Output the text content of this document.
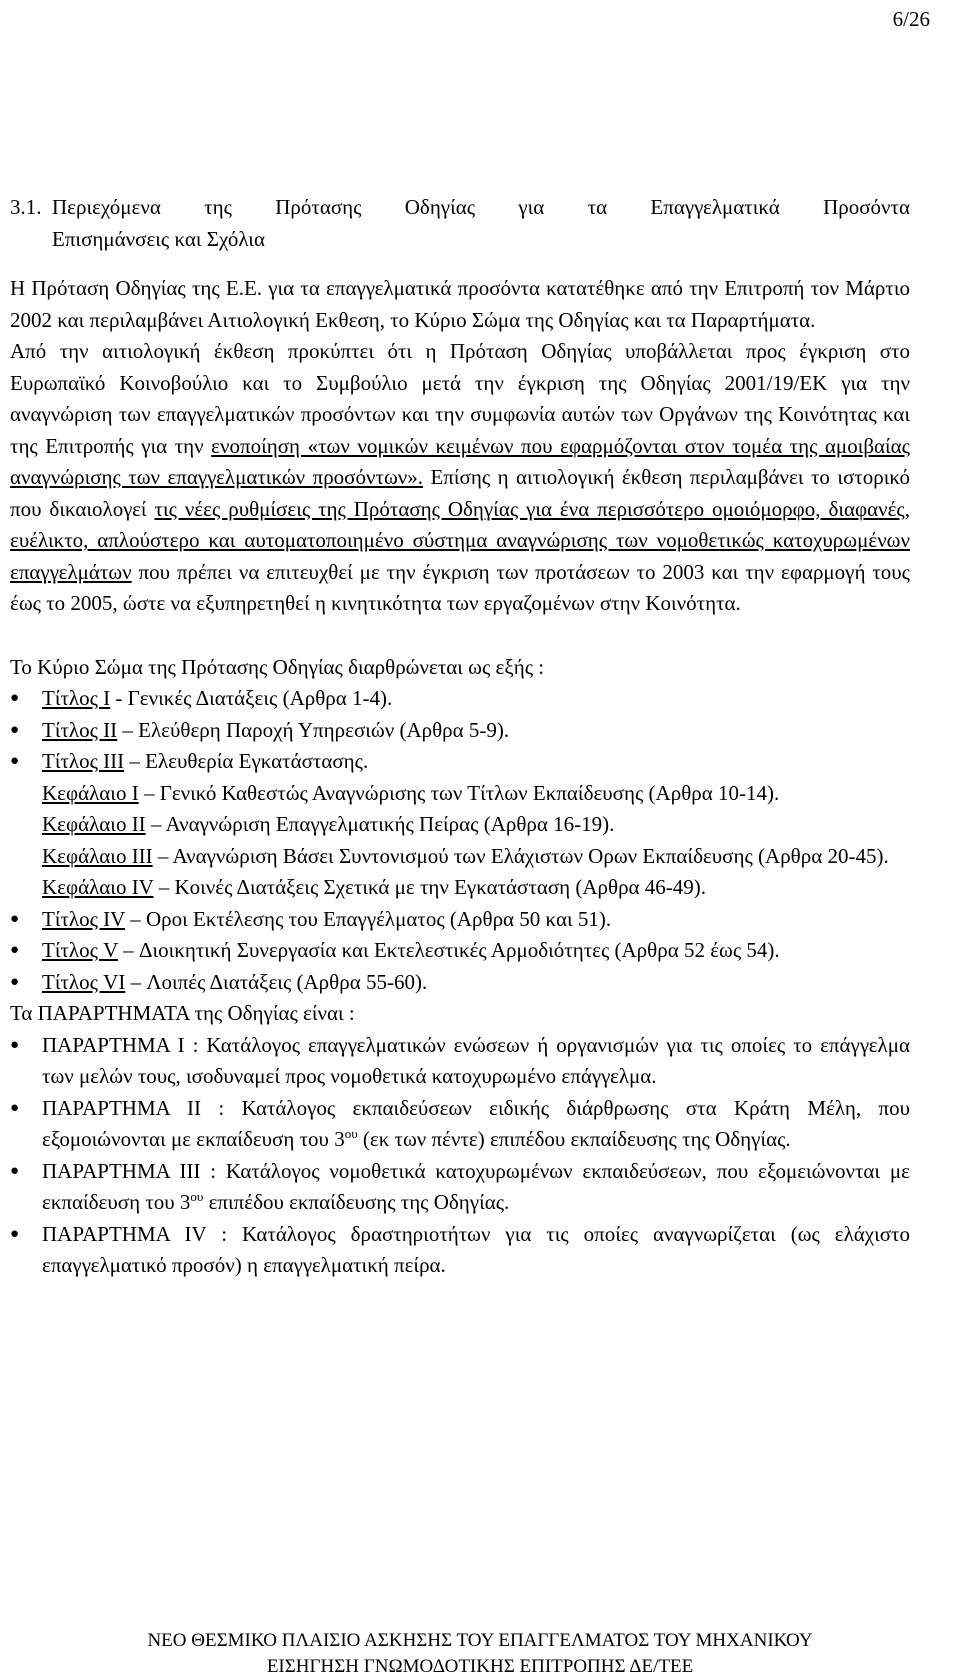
6/26
3.1. Περιεχόμενα της Πρότασης Οδηγίας για τα Επαγγελματικά Προσόντα
Επισημάνσεις και Σχόλια

Η Πρόταση Οδηγίας της Ε.Ε. για τα επαγγελματικά προσόντα κατατέθηκε από την Επιτροπή τον Μάρτιο 2002 και περιλαμβάνει Αιτιολογική Εκθεση, το Κύριο Σώμα της Οδηγίας και τα Παραρτήματα.

Από την αιτιολογική έκθεση προκύπτει ότι η Πρόταση Οδηγίας υποβάλλεται προς έγκριση στο Ευρωπαϊκό Κοινοβούλιο και το Συμβούλιο μετά την έγκριση της Οδηγίας 2001/19/ΕΚ για την αναγνώριση των επαγγελματικών προσόντων και την συμφωνία αυτών των Οργάνων της Κοινότητας και της Επιτροπής για την ενοποίηση «των νομικών κειμένων που εφαρμόζονται στον τομέα της αμοιβαίας αναγνώρισης των επαγγελματικών προσόντων». Επίσης η αιτιολογική έκθεση περιλαμβάνει το ιστορικό που δικαιολογεί τις νέες ρυθμίσεις της Πρότασης Οδηγίας για ένα περισσότερο ομοιόμορφο, διαφανές, ευέλικτο, απλούστερο και αυτοματοποιημένο σύστημα αναγνώρισης των νομοθετικώς κατοχυρωμένων επαγγελμάτων που πρέπει να επιτευχθεί με την έγκριση των προτάσεων το 2003 και την εφαρμογή τους έως το 2005, ώστε να εξυπηρετηθεί η κινητικότητα των εργαζομένων στην Κοινότητα.

Το Κύριο Σώμα της Πρότασης Οδηγίας διαρθρώνεται ως εξής :

● Τίτλος Ι - Γενικές Διατάξεις (Αρθρα 1-4).
● Τίτλος ΙΙ – Ελεύθερη Παροχή Υπηρεσιών (Αρθρα 5-9).
● Τίτλος ΙΙΙ – Ελευθερία Εγκατάστασης.
Κεφάλαιο Ι – Γενικό Καθεστώς Αναγνώρισης των Τίτλων Εκπαίδευσης (Αρθρα 10-14).
Κεφάλαιο ΙΙ – Αναγνώριση Επαγγελματικής Πείρας (Αρθρα 16-19).
Κεφάλαιο ΙΙΙ – Αναγνώριση Βάσει Συντονισμού των Ελάχιστων Ορων Εκπαίδευσης (Αρθρα 20-45).
Κεφάλαιο ΙV – Κοινές Διατάξεις Σχετικά με την Εγκατάσταση (Αρθρα 46-49).
● Τίτλος ΙV – Οροι Εκτέλεσης του Επαγγέλματος (Αρθρα 50 και 51).
● Τίτλος V – Διοικητική Συνεργασία και Εκτελεστικές Αρμοδιότητες (Αρθρα 52 έως 54).
● Τίτλος VI – Λοιπές Διατάξεις (Αρθρα 55-60).

Τα ΠΑΡΑΡΤΗΜΑΤΑ της Οδηγίας είναι :

● ΠΑΡΑΡΤΗΜΑ Ι : Κατάλογος επαγγελματικών ενώσεων ή οργανισμών για τις οποίες το επάγγελμα των μελών τους, ισοδυναμεί προς νομοθετικά κατοχυρωμένο επάγγελμα.
● ΠΑΡΑΡΤΗΜΑ ΙΙ : Κατάλογος εκπαιδεύσεων ειδικής διάρθρωσης στα Κράτη Μέλη, που εξομοιώνονται με εκπαίδευση του $3^{o\upsilon}$ (εκ των πέντε) επιπέδου εκπαίδευσης της Οδηγίας.
● ΠΑΡΑΡΤΗΜΑ ΙΙΙ : Κατάλογος νομοθετικά κατοχυρωμένων εκπαιδεύσεων, που εξομειώνονται με εκπαίδευση του $3^{o\upsilon}$ επιπέδου εκπαίδευσης της Οδηγίας.
● ΠΑΡΑΡΤΗΜΑ IV : Κατάλογος δραστηριοτήτων για τις οποίες αναγνωρίζεται (ως ελάχιστο επαγγελματικό προσόν) η επαγγελματική πείρα.
ΝΕΟ ΘΕΣΜΙΚΟ ΠΛΑΙΣΙΟ ΑΣΚΗΣΗΣ ΤΟΥ ΕΠΑΓΓΕΛΜΑΤΟΣ ΤΟΥ ΜΗΧΑΝΙΚΟΥ
ΕΙΣΗΓΗΣΗ ΓΝΩΜΟΔΟΤΙΚΗΣ ΕΠΙΤΡΟΠΗΣ ΔΕ/ΤΕΕ
